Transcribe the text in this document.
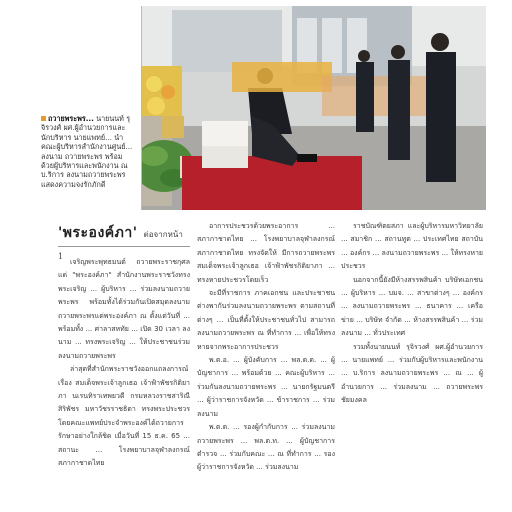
ถวายพระพร... นายนนท์ รุจิรวงศ์ ผศ.ผู้อำนวยการและนักบริหาร นายแพทย์... นำคณะผู้บริหารสำนักงานศูนย์... ลงนาม ถวายพระพร พร้อมด้วยผู้บริหารและพนักงาน ณ บ.ริการ ลงนามถวายพระพร แสดงความจงรักภักดี
'พระองค์ภา' ต่อจากหน้า 1

เจริญพระพุทธมนต์ ถวายพระราชกุศลแด่ "พระองค์ภา" สำนักงานพระราชวังทรงพระเจริญ ... ผู้บริหาร ... ร่วมลงนามถวายพระพร พร้อมทั้งได้ร่วมกันเปิดสมุดลงนามถวายพระพรแด่พระองค์ภา ณ ตั้งแต่วันที่ ... พร้อมทั้ง ... ศาลาสหทัย ... เปิด 30 เวลา ลงนาม ... ทรงพระเจริญ ... ให้ประชาชนร่วมลงนามถวายพระพร

ล่าสุดที่สำนักพระราชวังออกแถลงการณ์เรื่อง สมเด็จพระเจ้าลูกเธอ เจ้าฟ้าพัชรกิติยาภา นเรนทิราเทพยวดี กรมหลวงราชสาริณี สิริพัชร มหาวัชรราชธิดา ทรงพระประชวร โดยคณะแพทย์ประจำพระองค์ได้ถวายการรักษาอย่างใกล้ชิด เมื่อวันที่ 15 ธ.ค. 65 ... สถานะ ... โรงพยาบาลจุฬาลงกรณ์ สภากาชาดไทย

อาการประชวรด้วยพระอาการ ... สภากาชาดไทย ... โรงพยาบาลจุฬาลงกรณ์ สภากาชาดไทย ทรงจัดให้ มีการถวายพระพร สมเด็จพระเจ้าลูกเธอ เจ้าฟ้าพัชรกิติยาภา ... ทรงหายประชวรโดยเร็ว

จะมีที่ราชการ ภาคเอกชน และประชาชน ต่างพากันร่วมลงนามถวายพระพร ตามสถานที่ต่างๆ ... เป็นที่ตั้งให้ประชาชนทั่วไป สามารถลงนามถวายพระพร ณ ที่ทำการ ... เพื่อให้ทรงหายจากพระอาการประชวร

พ.ต.อ. ... ผู้บังคับการ ... พล.ต.ต. ... ผู้บัญชาการ ... พร้อมด้วย ... คณะผู้บริหาร ... ร่วมกันลงนามถวายพระพร ... นายกรัฐมนตรี ... ผู้ว่าราชการจังหวัด ... ข้าราชการ ... ร่วมลงนาม

พ.ต.ต. ... รองผู้กำกับการ ... ร่วมลงนามถวายพระพร ... พล.ต.ท. ... ผู้บัญชาการตำรวจ ... ร่วมกับคณะ ... ณ ที่ทำการ ... รองผู้ว่าราชการจังหวัด ... ร่วมลงนาม

ราชบัณฑิตยสภา และผู้บริหารมหาวิทยาลัย ... สมาชิก ... สถานทูต ... ประเทศไทย สถาบัน ... องค์กร ... ลงนามถวายพระพร ... ให้ทรงหายประชวร

นอกจากนี้ยังมีห้างสรรพสินค้า บริษัทเอกชน ... ผู้บริหาร ... บมจ. ... สาขาต่างๆ ... องค์กร ... ลงนามถวายพระพร ... ธนาคาร ... เครือข่าย ... บริษัท จำกัด ... ห้างสรรพสินค้า ... ร่วมลงนาม ... ทั่วประเทศ

รวมทั้งนายนนท์ รุจิรวงศ์ ผศ.ผู้อำนวยการ ... นายแพทย์ ... ร่วมกับผู้บริหารและพนักงาน ... บ.ริการ ลงนามถวายพระพร ... ณ ... ผู้อำนวยการ ... ร่วมลงนาม ... ถวายพระพรชัยมงคล
